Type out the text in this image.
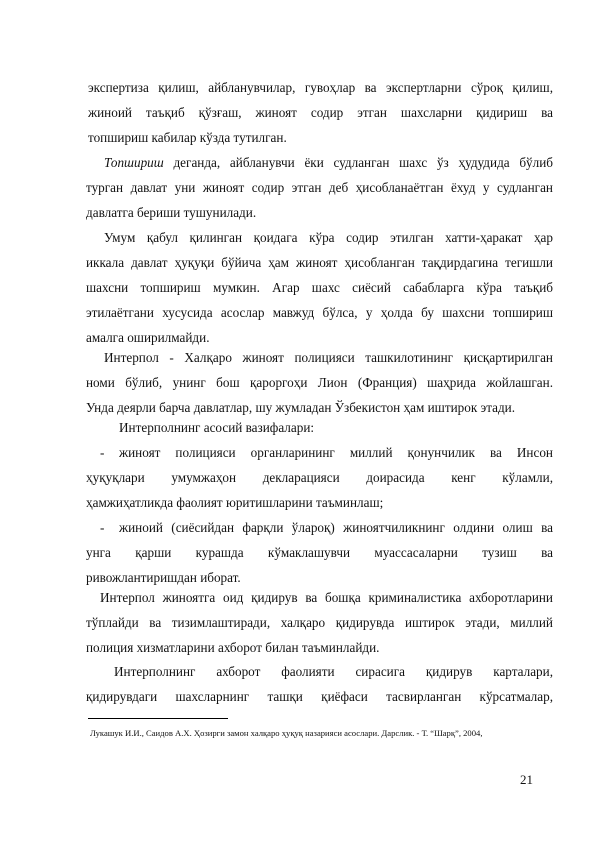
экспертиза қилиш, айбланувчилар, гувоҳлар ва экспертларни сўроқ қилиш,
жиноий таъқиб қўзғаш, жиноят содир этган шахсларни қидириш ва
топшириш кабилар кўзда тутилган.
Топшириш деганда, айбланувчи ёки судланган шахс ўз ҳудудида бўлиб
турган давлат уни жиноят содир этган деб ҳисобланаётган ёхуд у судланган
давлатга бериши тушунилади.
Умум қабул қилинган қоидага кўра содир этилган хатти-ҳаракат ҳар
иккала давлат ҳуқуқи бўйича ҳам жиноят ҳисобланган тақдирдагина тегишли
шахсни топшириш мумкин. Агар шахс сиёсий сабабларга кўра таъқиб
этилаётгани хусусида асослар мавжуд бўлса, у ҳолда бу шахсни топшириш
амалга оширилмайди.
Интерпол - Халқаро жиноят полицияси ташкилотининг қисқартирилган
номи бўлиб, унинг бош қароргоҳи Лион (Франция) шаҳрида жойлашган.
Унда деярли барча давлатлар, шу жумладан Ўзбекистон ҳам иштирок этади.
Интерполнинг асосий вазифалари:
-	жиноят полицияси органларининг миллий қонунчилик ва Инсон
ҳуқуқлари умумжаҳон декларацияси доирасида кенг кўламли,
ҳамжиҳатликда фаолият юритишларини таъминлаш;
-	жиноий (сиёсийдан фарқли ўлароқ) жиноятчиликнинг олдини олиш ва
унга қарши курашда кўмаклашувчи муассасаларни тузиш ва
ривожлантиришдан иборат.
Интерпол жиноятга оид қидирув ва бошқа криминалистика ахборотларини
тўплайди ва тизимлаштиради, халқаро қидирувда иштирок этади, миллий
полиция хизматларини ахборот билан таъминлайди.
Интерполнинг ахборот фаолияти сирасига қидирув карталари,
қидирувдаги шахсларнинг ташқи қиёфаси тасвирланган кўрсатмалар,
Лукашук И.И., Саидов А.Х. Ҳозирги замон халқаро ҳуқуқ назарияси асослари. Дарслик. - Т. “Шарқ”, 2004,
21
